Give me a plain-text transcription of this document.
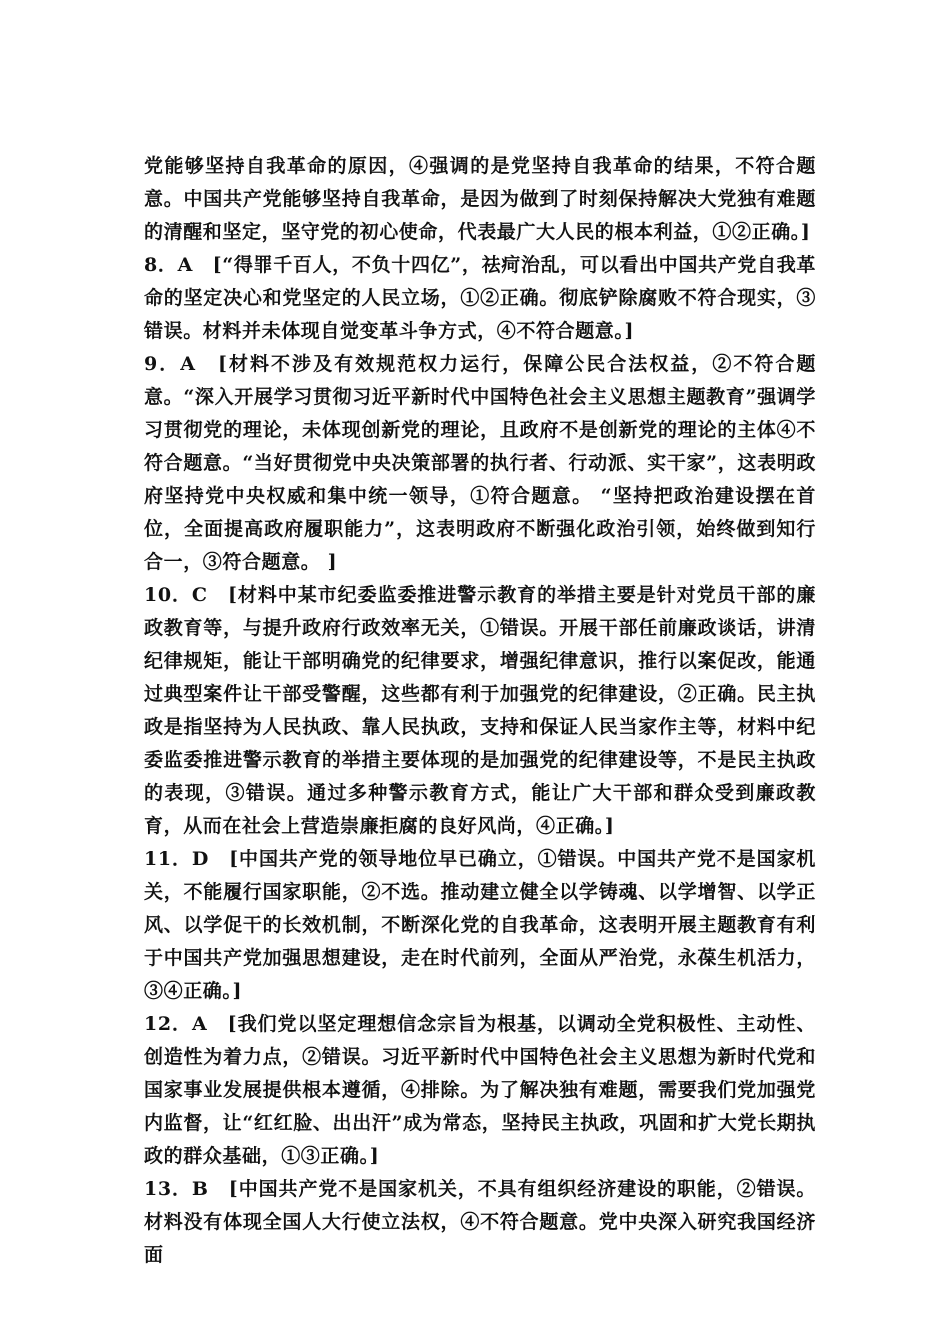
党能够坚持自我革命的原因，④强调的是党坚持自我革命的结果，不符合题意。中国共产党能够坚持自我革命，是因为做到了时刻保持解决大党独有难题的清醒和坚定，坚守党的初心使命，代表最广大人民的根本利益，①②正确。]

8．A　[“得罪千百人，不负十四亿”，祛疴治乱，可以看出中国共产党自我革命的坚定决心和党坚定的人民立场，①②正确。彻底铲除腐败不符合现实，③错误。材料并未体现自觉变革斗争方式，④不符合题意。]

9．A　[材料不涉及有效规范权力运行，保障公民合法权益，②不符合题意。“深入开展学习贯彻习近平新时代中国特色社会主义思想主题教育”强调学习贯彻党的理论，未体现创新党的理论，且政府不是创新党的理论的主体④不符合题意。“当好贯彻党中央决策部署的执行者、行动派、实干家”，这表明政府坚持党中央权威和集中统一领导，①符合题意。 “坚持把政治建设摆在首位，全面提高政府履职能力”，这表明政府不断强化政治引领，始终做到知行合一，③符合题意。 ]

10．C　[材料中某市纪委监委推进警示教育的举措主要是针对党员干部的廉政教育等，与提升政府行政效率无关，①错误。开展干部任前廉政谈话，讲清纪律规矩，能让干部明确党的纪律要求，增强纪律意识，推行以案促改，能通过典型案件让干部受警醒，这些都有利于加强党的纪律建设，②正确。民主执政是指坚持为人民执政、靠人民执政，支持和保证人民当家作主等，材料中纪委监委推进警示教育的举措主要体现的是加强党的纪律建设等，不是民主执政的表现，③错误。通过多种警示教育方式，能让广大干部和群众受到廉政教育，从而在社会上营造崇廉拒腐的良好风尚，④正确。]

11．D　[中国共产党的领导地位早已确立，①错误。中国共产党不是国家机关，不能履行国家职能，②不选。推动建立健全以学铸魂、以学增智、以学正风、以学促干的长效机制，不断深化党的自我革命，这表明开展主题教育有利于中国共产党加强思想建设，走在时代前列，全面从严治党，永葆生机活力，③④正确。]

12．A　[我们党以坚定理想信念宗旨为根基，以调动全党积极性、主动性、创造性为着力点，②错误。习近平新时代中国特色社会主义思想为新时代党和国家事业发展提供根本遵循，④排除。为了解决独有难题，需要我们党加强党内监督，让“红红脸、出出汗”成为常态，坚持民主执政，巩固和扩大党长期执政的群众基础，①③正确。]

13．B　[中国共产党不是国家机关，不具有组织经济建设的职能，②错误。材料没有体现全国人大行使立法权，④不符合题意。党中央深入研究我国经济面
